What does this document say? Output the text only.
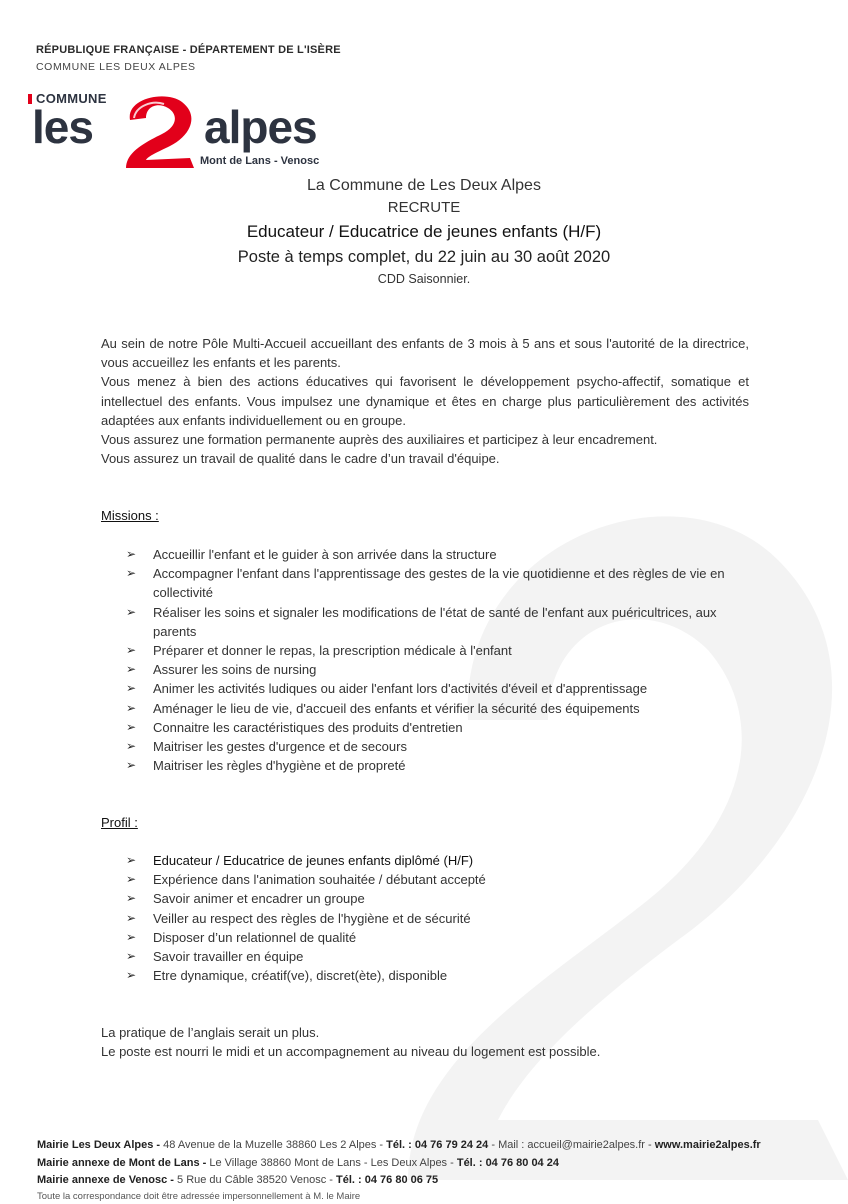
RÉPUBLIQUE FRANÇAISE - DÉPARTEMENT DE L'ISÈRE
COMMUNE LES DEUX ALPES
COMMUNE
les alpes
Mont de Lans - Venosc
La Commune de Les Deux Alpes
RECRUTE
Educateur / Educatrice de jeunes enfants (H/F)
Poste à temps complet, du 22 juin au 30 août 2020
CDD Saisonnier.

Au sein de notre Pôle Multi-Accueil accueillant des enfants de 3 mois à 5 ans et sous l'autorité de la directrice, vous accueillez les enfants et les parents.

Vous menez à bien des actions éducatives qui favorisent le développement psycho-affectif, somatique et intellectuel des enfants. Vous impulsez une dynamique et êtes en charge plus particulièrement des activités adaptées aux enfants individuellement ou en groupe.

Vous assurez une formation permanente auprès des auxiliaires et participez à leur encadrement.

Vous assurez un travail de qualité dans le cadre d’un travail d'équipe.

Missions :
➢ Accueillir l'enfant et le guider à son arrivée dans la structure
➢ Accompagner l'enfant dans l'apprentissage des gestes de la vie quotidienne et des règles de vie en collectivité
➢ Réaliser les soins et signaler les modifications de l'état de santé de l'enfant aux puéricultrices, aux parents
➢ Préparer et donner le repas, la prescription médicale à l'enfant
➢ Assurer les soins de nursing
➢ Animer les activités ludiques ou aider l'enfant lors d'activités d'éveil et d'apprentissage
➢ Aménager le lieu de vie, d'accueil des enfants et vérifier la sécurité des équipements
➢ Connaitre les caractéristiques des produits d'entretien
➢ Maitriser les gestes d'urgence et de secours
➢ Maitriser les règles d'hygiène et de propreté
Profil :
➢ Educateur / Educatrice de jeunes enfants diplômé (H/F)
➢ Expérience dans l'animation souhaitée / débutant accepté
➢ Savoir animer et encadrer un groupe
➢ Veiller au respect des règles de l'hygiène et de sécurité
➢ Disposer d’un relationnel de qualité
➢ Savoir travailler en équipe
➢ Etre dynamique, créatif(ve), discret(ète), disponible

La pratique de l’anglais serait un plus.

Le poste est nourri le midi et un accompagnement au niveau du logement est possible.

Mairie Les Deux Alpes - 48 Avenue de la Muzelle 38860 Les 2 Alpes - Tél. : 04 76 79 24 24 - Mail : accueil@mairie2alpes.fr - www.mairie2alpes.fr
Mairie annexe de Mont de Lans - Le Village 38860 Mont de Lans - Les Deux Alpes - Tél. : 04 76 80 04 24
Mairie annexe de Venosc - 5 Rue du Câble 38520 Venosc - Tél. : 04 76 80 06 75
Toute la correspondance doit être adressée impersonnellement à M. le Maire
